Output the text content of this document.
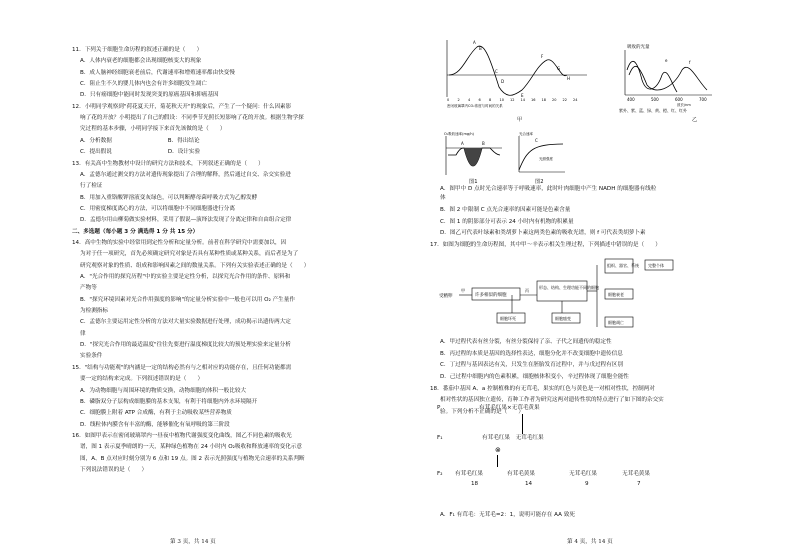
11．下列关于细胞生命历程的叙述正确的是（　　）
A．人体内衰老的细胞都会出现细胞核变大的现象
B．成人脑神经细胞衰老前后，代谢速率和增殖速率都由快变慢
C．阻止生不久的婴儿体内也会有许多细胞发生凋亡
D．只有癌细胞中能同时发现突变的原癌基因和抑癌基因
12．小明同学观察到"荷花夏天开，菊花秋天开"的现象后，产生了一个疑问：什么因素影
响了花的开放？小明提出了自己的假设：不同季节光照长短影响了花的开放。根据生物学探
究过程的基本步骤，小明同学接下来首先该做的是（　　）
A．分析数据　　　　　　　　　　B．得出结论
C．提出假说　　　　　　　　　　D．设计实验
13．有关高中生物教材中设计的研究方法和技术，下列叙述正确的是（　　）
A．孟德尔通过测交的方法对遗传现象提出了合理的解释，然后通过自交、杂交实验进
行了检证
B．用加入重铬酸钾溶液变灰绿色，可以判断酵母菌呼吸方式为乙醇发酵
C．用密度梯度离心的方法，可以将细胞中不同细胞器进行分离
D．孟德尔用山柳菊做实验材料，采用了假说—演绎法发现了分离定律和自由组合定律
二、多选题（每小题 3 分 满选得 1 分 共 15 分）
14．高中生物的实验中经常用到定性分析和定量分析。前者在科学研究中需要加以，因
为对于任一项研究，首先必须确定研究对象是否具有某种性质或某种关系，而后者是为了
研究观察对象的性质、组成和影响因素之间的数量关系。下列有关实验表述正确的是（　　）
A．"光合作用的探究历程"中的实验主要是定性分析，以探究光合作用的条件、原料和
产物等
B．"探究环境因素对光合作用强度的影响"的定量分析实验中一般也可以用 O₂ 产生量作
为检测指标
C．孟德尔主要运用定性分析的方法对大量实验数据进行处理，成功揭示出遗传两大定
律
D．"探究光合作用的最适温度"往往先要进行温度梯度比较大的预处理实验来定量分析
实验条件
15．"结构与功能观"的内涵是一定的结构必然有与之相对应的功能存在，且任何功能都需
要一定的结构来完成。下列叙述错误的是（　　）
A．为动物细胞与周围环境的物质交换，动物细胞的体积一般比较大
B．磷脂双分子层构成细胞膜的基本支架，有利于将细胞内外水环境隔开
C．细胞膜上附着 ATP 合成酶，有利于主动吸收某些营养物质
D．线粒体内膜含有丰富的酶，能够催化有氧呼吸的第三阶段
16．如图甲表示在密闭玻璃罩内一昼夜中植物代谢强度变化曲线，图乙不同色素的吸收光
谱，图 1 表示夏季晴朗的一天，某种绿色植物在 24 小时内 O₂吸收和释放速率的变化示意
图，A、B 点对应时刻分别为 6 点和 19 点。图 2 表示光照强度与植物光合速率的关系判断
下列说法错误的是（　　）
第 3 页，共 14 页
A
B
C
D
E
F
G
H
0 2 4 6 8 10 12 14 16 18 20 22 24
密闭玻璃罩内CO₂浓度与时间的关系
甲
吸收的光量
e	f
400	500	600	700
波长/nm
紫外、紫、蓝、绿、黄、橙、红、红外
乙
O₂吸收速率(mg/h)
A	B
图1
光合速率
C
光照强度
图2
受精卵
甲
许多相似的细胞
丙
形态、结构、生理功能不同的细胞
组织、器官、系统 完整个体
细胞衰老
细胞凋亡
细胞癌变
细胞坏死
P	有茸毛红果×无茸毛黄果
F₁	有茸毛红果　无茸毛红果
⊗
F₂ 有茸毛红果	有茸毛黄果	无茸毛红果	无茸毛黄果
18	14	9	7
A．图甲中 D 点时光合速率等于呼吸速率，此时叶肉细胞中产生 NADH 的细胞器有线粒
体
B．图 2 中限制 C 点光合速率的因素可能是色素含量
C．图 1 的阴影部分可表示 24 小时内有机物的积累量
D．图乙可代表叶绿素和类胡萝卜素这两类色素的吸收光谱，则 f 可代表类胡萝卜素
17．如图为细胞的生命历程图，其中甲～辛表示相关生理过程，下列描述中错误的是（　　）
A．甲过程代表有丝分裂，有丝分裂保持了亲、子代之间遗传的稳定性
B．丙过程的本质是基因的选择性表达，细胞分化并不改变细胞中遗传信息
C．丁过程与基因表达有关，只发生在胚胎发育过程中，并与戊过程有区别
D．己过程中细胞内的色素积累，细胞核体积变小，辛过程体现了细胞全能性
18．番茄中基因 A、a 控制植株的有无茸毛，果实的红色与黄色是一对相对性状，控制两对
相对性状的基因独立遗传，育种工作者为研究这两对遗传性状的特点进行了如下图的杂交实
验。下列分析不正确的是（　　）
A．F₁ 有茸毛：无茸毛=2：1，说明可能存在 AA 致死
第 4 页，共 14 页
